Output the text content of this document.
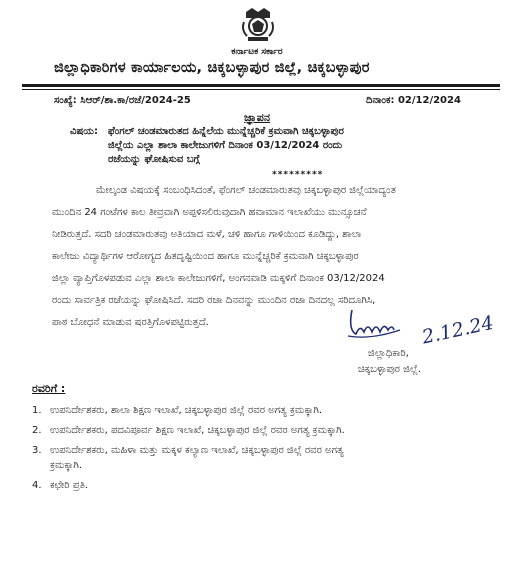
ಕರ್ನಾಟಕ ಸರ್ಕಾರ
ಜಿಲ್ಲಾಧಿಕಾರಿಗಳ ಕಾರ್ಯಾಲಯ, ಚಿಕ್ಕಬಳ್ಳಾಪುರ ಜಿಲ್ಲೆ, ಚಿಕ್ಕಬಳ್ಳಾಪುರ
ಸಂಖ್ಯೆ: ಸಿಆರ್/ಶಾ.ಕಾ/ರಜೆ/2024-25	ದಿನಾಂಕ: 02/12/2024
ಜ್ಞಾಪನ
ವಿಷಯ: ಫೆಂಗಲ್ ಚಂಡಮಾರುತದ ಹಿನ್ನೆಲೆಯ ಮುನ್ನೆಚ್ಚರಿಕೆ ಕ್ರಮವಾಗಿ ಚಿಕ್ಕಬಳ್ಳಾಪುರ
ಜಿಲ್ಲೆಯ ಎಲ್ಲಾ ಶಾಲಾ ಕಾಲೇಜುಗಳಿಗೆ ದಿನಾಂಕ 03/12/2024 ರಂದು
ರಜೆಯನ್ನು ಘೋಷಿಸುವ ಬಗ್ಗೆ
*********
ಮೇಲ್ಕಂಡ ವಿಷಯಕ್ಕೆ ಸಂಬಂಧಿಸಿದಂತೆ, ಫೆಂಗಲ್ ಚಂಡಮಾರುತವು ಚಿಕ್ಕಬಳ್ಳಾಪುರ ಜಿಲ್ಲೆಯಾದ್ಯಂತ
ಮುಂದಿನ 24 ಗಂಟೆಗಳ ಕಾಲ ತೀವ್ರವಾಗಿ ಅಪ್ಪಳಿಸಲಿರುವುದಾಗಿ ಹವಾಮಾನ ಇಲಾಖೆಯು ಮುನ್ಸೂಚನೆ
ನೀಡಿರುತ್ತದೆ. ಸದರಿ ಚಂಡಮಾರುತವು ಅತಿಯಾದ ಮಳೆ, ಚಳಿ ಹಾಗೂ ಗಾಳಿಯಿಂದ ಕೂಡಿದ್ದು, ಶಾಲಾ
ಕಾಲೇಜು ವಿದ್ಯಾರ್ಥಿಗಳ ಆರೋಗ್ಯದ ಹಿತದೃಷ್ಟಿಯಿಂದ ಹಾಗೂ ಮುನ್ನೆಚ್ಚರಿಕೆ ಕ್ರಮವಾಗಿ ಚಿಕ್ಕಬಳ್ಳಾಪುರ
ಜಿಲ್ಲಾ ವ್ಯಾಪ್ತಿಗೊಳಪಡುವ ಎಲ್ಲಾ ಶಾಲಾ ಕಾಲೇಜುಗಳಿಗೆ, ಅಂಗನವಾಡಿ ಮಕ್ಕಳಿಗೆ ದಿನಾಂಕ 03/12/2024
ರಂದು ಸಾರ್ವತ್ರಿಕ ರಜೆಯನ್ನು ಘೋಷಿಸಿದೆ. ಸದರಿ ರಜಾ ದಿನವನ್ನು ಮುಂದಿನ ರಜಾ ದಿನದಲ್ಲ ಸರಿದೂಗಿಸಿ,
ಪಾಠ ಬೋಧನೆ ಮಾಡುವ ಷರತ್ತಿಗೊಳಪಟ್ಟಿರುತ್ತದೆ.	2.12.24
ಜಿಲ್ಲಾಧಿಕಾರಿ,
ಚಿಕ್ಕಬಳ್ಳಾಪುರ ಜಿಲ್ಲೆ.
ರವರಿಗೆ :
1. ಉಪನಿರ್ದೇಶಕರು, ಶಾಲಾ ಶಿಕ್ಷಣ ಇಲಾಖೆ, ಚಿಕ್ಕಬಳ್ಳಾಪುರ ಜಿಲ್ಲೆ ರವರ ಅಗತ್ಯ ಕ್ರಮಕ್ಕಾಗಿ.
2. ಉಪನಿರ್ದೇಶಕರು, ಪದವಿಪೂರ್ವ ಶಿಕ್ಷಣ ಇಲಾಖೆ, ಚಿಕ್ಕಬಳ್ಳಾಪುರ ಜಿಲ್ಲೆ ರವರ ಅಗತ್ಯ ಕ್ರಮಕ್ಕಾಗಿ.
3. ಉಪನಿರ್ದೇಶಕರು, ಮಹಿಳಾ ಮತ್ತು ಮಕ್ಕಳ ಕಲ್ಯಾಣ ಇಲಾಖೆ, ಚಿಕ್ಕಬಳ್ಳಾಪುರ ಜಿಲ್ಲೆ ರವರ ಅಗತ್ಯ
ಕ್ರಮಕ್ಕಾಗಿ.
4. ಕಛೇರಿ ಪ್ರತಿ.
